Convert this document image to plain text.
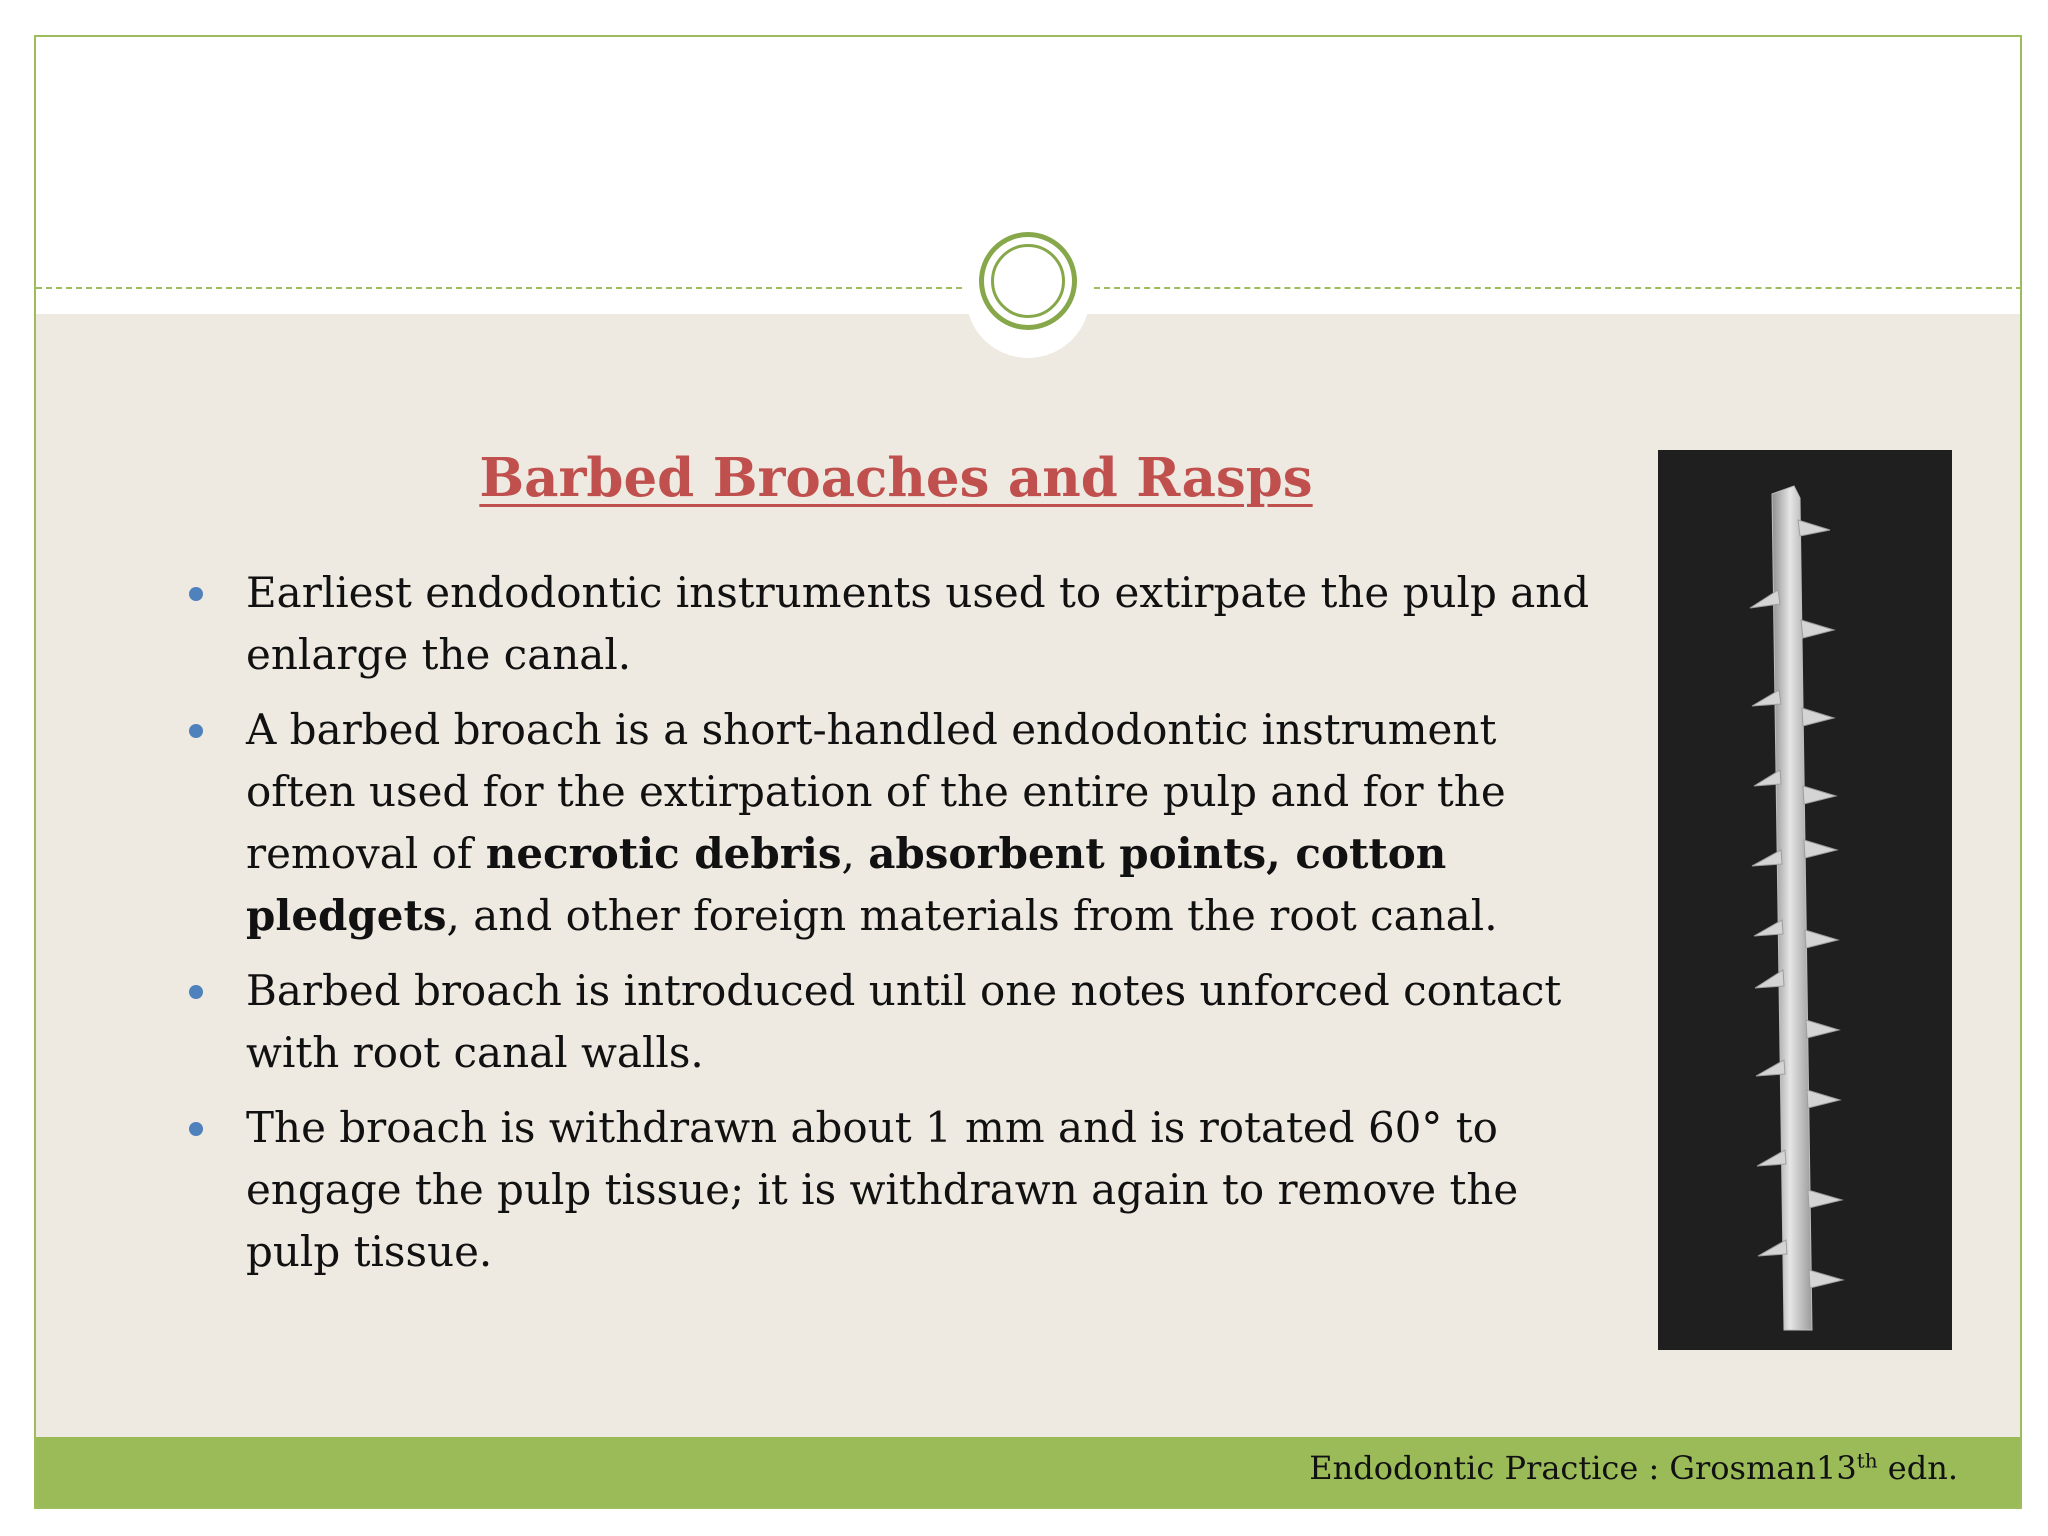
Barbed Broaches and Rasps
Earliest endodontic instruments used to extirpate the pulp and enlarge the canal.
A barbed broach is a short-handled endodontic instrument often used for the extirpation of the entire pulp and for the removal of necrotic debris, absorbent points, cotton pledgets, and other foreign materials from the root canal.
Barbed broach is introduced until one notes unforced contact with root canal walls.
The broach is withdrawn about 1 mm and is rotated 60° to engage the pulp tissue; it is withdrawn again to remove the pulp tissue.
Endodontic Practice : Grosman13th edn.
